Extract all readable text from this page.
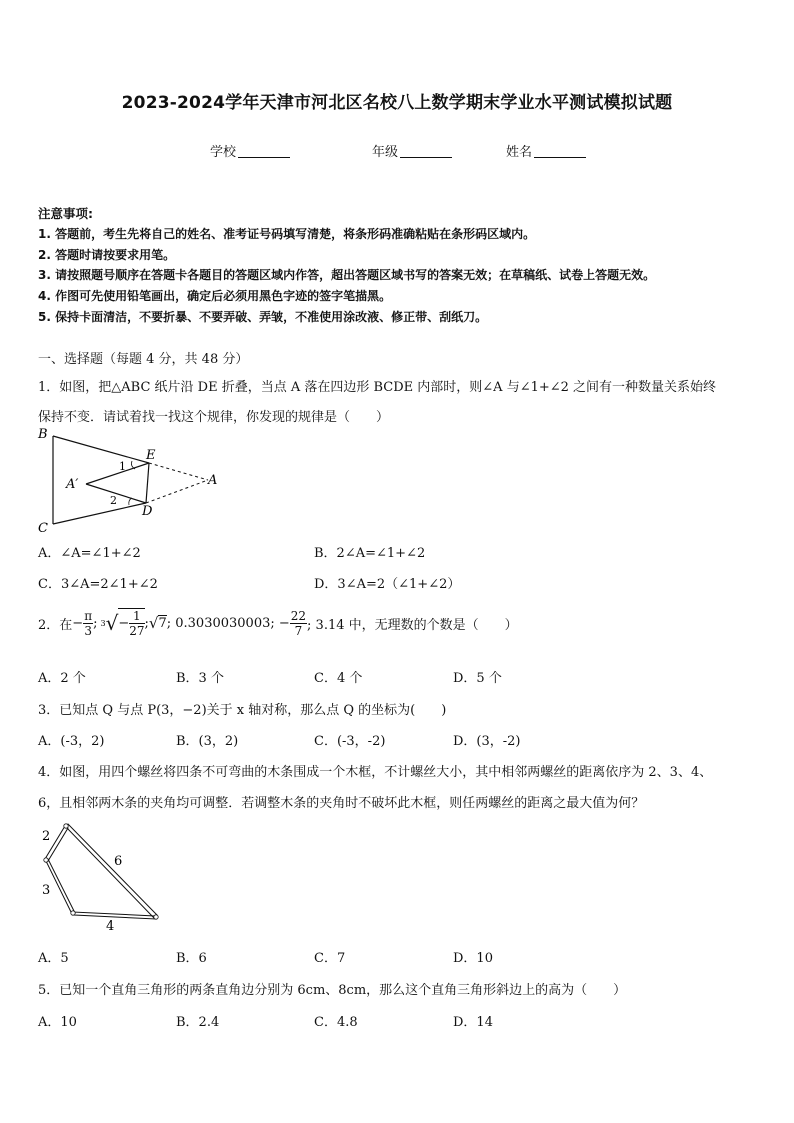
2023-2024学年天津市河北区名校八上数学期末学业水平测试模拟试题
学校	年级	姓名
注意事项:
1. 答题前，考生先将自己的姓名、准考证号码填写清楚，将条形码准确粘贴在条形码区域内。
2. 答题时请按要求用笔。
3. 请按照题号顺序在答题卡各题目的答题区域内作答，超出答题区域书写的答案无效；在草稿纸、试卷上答题无效。
4. 作图可先使用铅笔画出，确定后必须用黑色字迹的签字笔描黑。
5. 保持卡面清洁，不要折暴、不要弄破、弄皱，不准使用涂改液、修正带、刮纸刀。
一、选择题（每题 4 分，共 48 分）
1．如图，把△ABC 纸片沿 DE 折叠，当点 A 落在四边形 BCDE 内部时，则∠A 与∠1+∠2 之间有一种数量关系始终
保持不变．请试着找一找这个规律，你发现的规律是（　　）
B
C
E
D
A
A′
1
2
A．∠A=∠1+∠2	B．2∠A=∠1+∠2
C．3∠A=2∠1+∠2	D．3∠A=2（∠1+∠2）
2．在 − $\frac{\pi}{3}$ ; 3 √ − $\frac{1}{27}$ ; √ 7 ; 0.3030030003; − $\frac{22}{7}$ ; 3.14 中，无理数的个数是（　　）
A．2 个	B．3 个	C．4 个	D．5 个
3．已知点 Q 与点 P(3，−2)关于 x 轴对称，那么点 Q 的坐标为(　　)
A．(-3，2)	B．(3，2)	C．(-3，-2)	D．(3，-2)
4．如图，用四个螺丝将四条不可弯曲的木条围成一个木框，不计螺丝大小，其中相邻两螺丝的距离依序为 2、3、4、
6，且相邻两木条的夹角均可调整．若调整木条的夹角时不破坏此木框，则任两螺丝的距离之最大值为何？
2
3
4
6
A．5	B．6	C．7	D．10
5．已知一个直角三角形的两条直角边分别为 6cm、8cm，那么这个直角三角形斜边上的高为（　　）
A．10	B．2.4	C．4.8	D．14
